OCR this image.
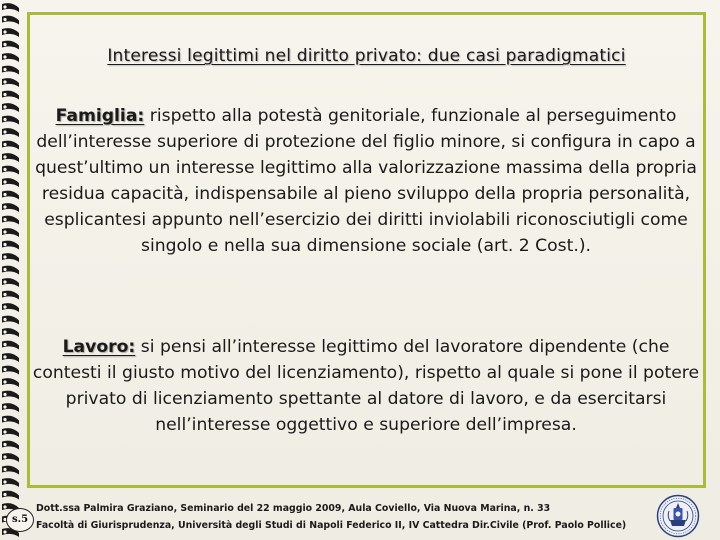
Interessi legittimi nel diritto privato: due casi paradigmatici
Famiglia: rispetto alla potestà genitoriale, funzionale al perseguimento dell’interesse superiore di protezione del figlio minore, si configura in capo a quest’ultimo un interesse legittimo alla valorizzazione massima della propria residua capacità, indispensabile al pieno sviluppo della propria personalità, esplicantesi appunto nell’esercizio dei diritti inviolabili riconosciutigli come singolo e nella sua dimensione sociale (art. 2 Cost.).
Lavoro: si pensi all’interesse legittimo del lavoratore dipendente (che contesti il giusto motivo del licenziamento), rispetto al quale si pone il potere privato di licenziamento spettante al datore di lavoro, e da esercitarsi nell’interesse oggettivo e superiore dell’impresa.
s.5
Dott.ssa Palmira Graziano, Seminario del 22 maggio 2009, Aula Coviello, Via Nuova Marina, n. 33
Facoltà di Giurisprudenza, Università degli Studi di Napoli Federico II, IV Cattedra Dir.Civile (Prof. Paolo Pollice)
